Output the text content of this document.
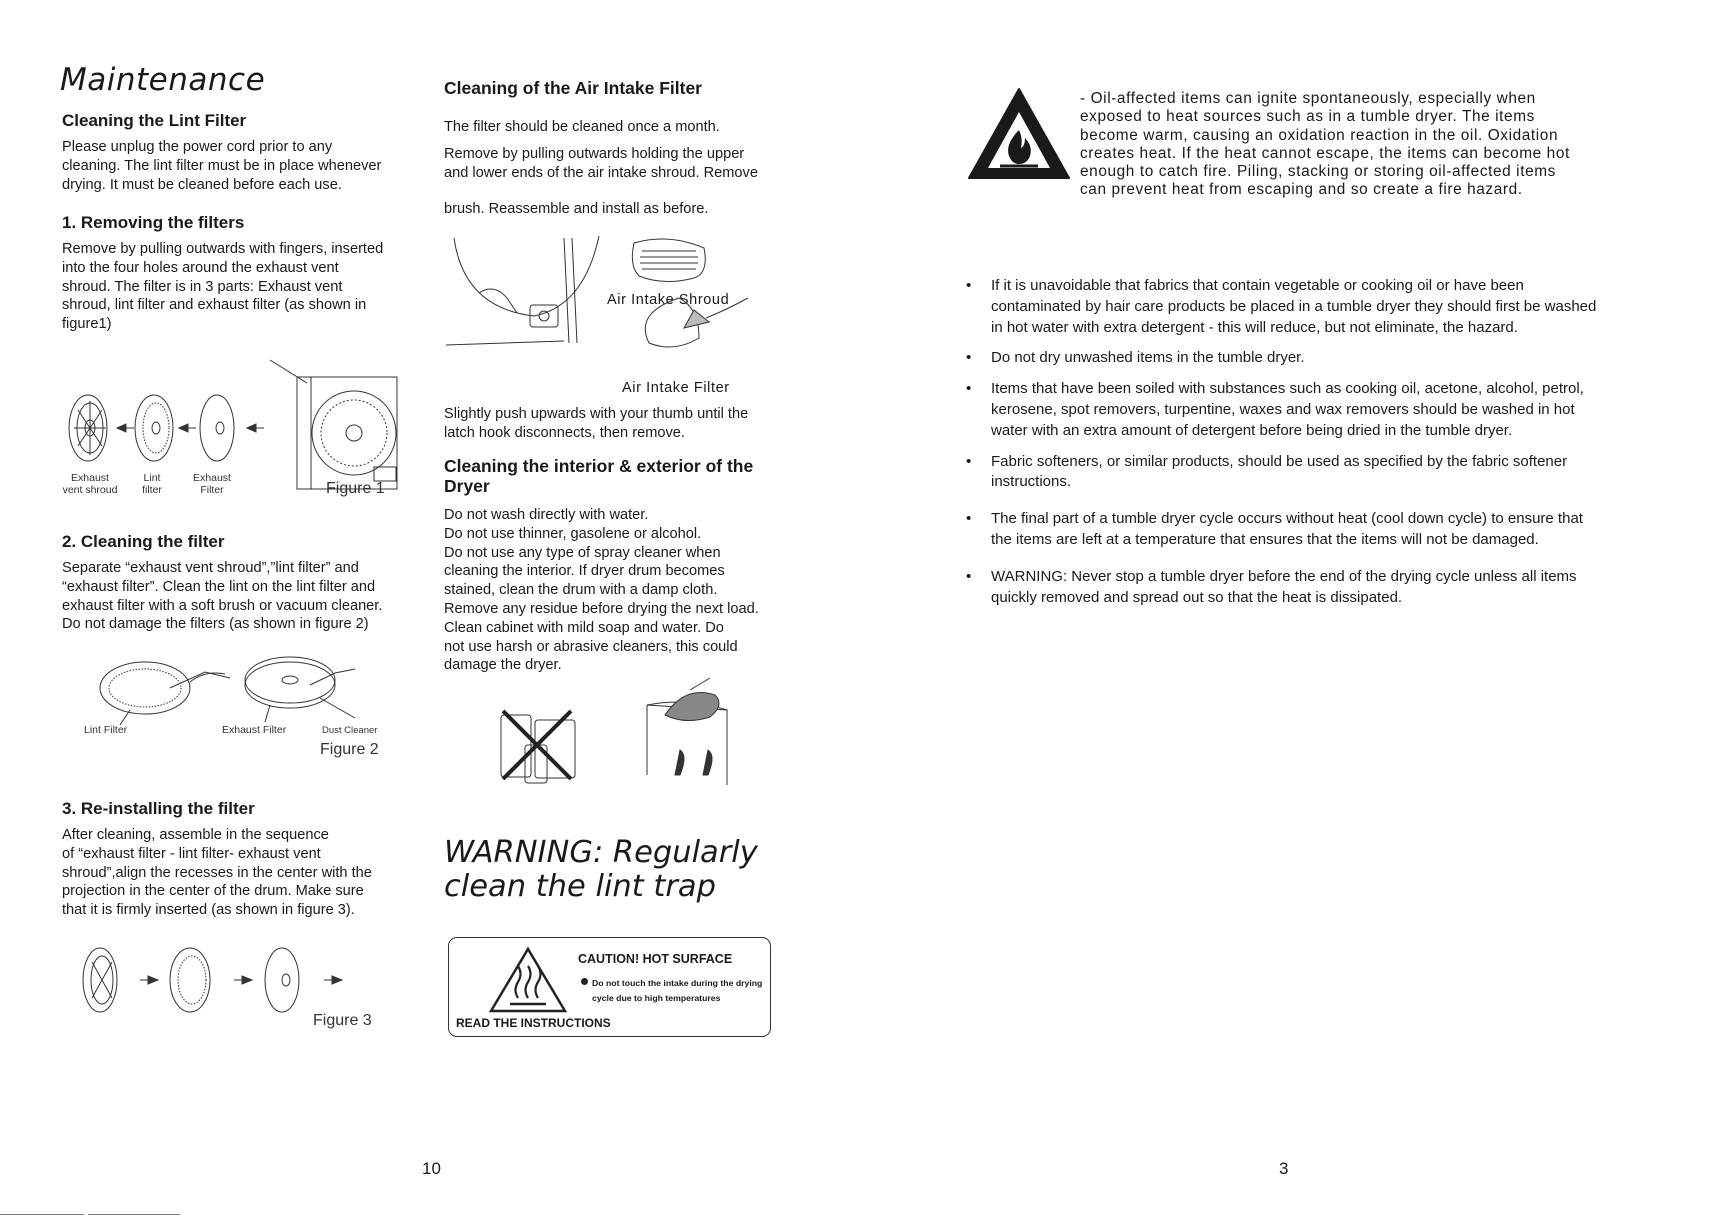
Maintenance
Cleaning the Lint Filter
Please unplug the power cord prior to any
cleaning. The lint filter must be in place whenever
drying. It must be cleaned before each use.
1. Removing the filters
Remove by pulling outwards with fingers, inserted
into the four holes around the exhaust vent
shroud. The filter is in 3 parts: Exhaust vent
shroud, lint filter and exhaust filter (as shown in
figure1)
Exhaust
vent shroud
Lint
filter
Exhaust
Filter	Figure 1
2. Cleaning the filter
Separate “exhaust vent shroud”,”lint filter” and
“exhaust filter”. Clean the lint on the lint filter and
exhaust filter with a soft brush or vacuum cleaner.
Do not damage the filters (as shown in figure 2)
Lint Filter	Exhaust Filter	Dust Cleaner
Figure 2
3. Re-installing the filter
After cleaning, assemble in the sequence
of “exhaust filter - lint filter- exhaust vent
shroud”,align the recesses in the center with the
projection in the center of the drum. Make sure
that it is firmly inserted (as shown in figure 3).
Figure 3
Cleaning of the Air Intake Filter
The filter should be cleaned once a month.
Remove by pulling outwards holding the upper
and lower ends of the air intake shroud. Remove
brush. Reassemble and install as before.
Air Intake Shroud
Air Intake Filter
Slightly push upwards with your thumb until the
latch hook disconnects, then remove.
Cleaning the interior & exterior of the
Dryer
Do not wash directly with water.
Do not use thinner, gasolene or alcohol.
Do not use any type of spray cleaner when
cleaning the interior. If dryer drum becomes
stained, clean the drum with a damp cloth.
Remove any residue before drying the next load.
Clean cabinet with mild soap and water. Do
not use harsh or abrasive cleaners, this could
damage the dryer.
WARNING: Regularly
clean the lint trap
CAUTION! HOT SURFACE
Do not touch the intake during the drying
cycle due to high temperatures
READ THE INSTRUCTIONS
10
- Oil-affected items can ignite spontaneously, especially when
exposed to heat sources such as in a tumble dryer. The items
become warm, causing an oxidation reaction in the oil. Oxidation
creates heat. If the heat cannot escape, the items can become hot
enough to catch fire. Piling, stacking or storing oil-affected items
can prevent heat from escaping and so create a fire hazard.
• If it is unavoidable that fabrics that contain vegetable or cooking oil or have been contaminated by hair care products be placed in a tumble dryer they should first be washed in hot water with extra detergent - this will reduce, but not eliminate, the hazard.
• Do not dry unwashed items in the tumble dryer.
• Items that have been soiled with substances such as cooking oil, acetone, alcohol, petrol, kerosene, spot removers, turpentine, waxes and wax removers should be washed in hot water with an extra amount of detergent before being dried in the tumble dryer.
• Fabric softeners, or similar products, should be used as specified by the fabric softener instructions.
• The final part of a tumble dryer cycle occurs without heat (cool down cycle) to ensure that the items are left at a temperature that ensures that the items will not be damaged.
• WARNING: Never stop a tumble dryer before the end of the drying cycle unless all items quickly removed and spread out so that the heat is dissipated.
3
